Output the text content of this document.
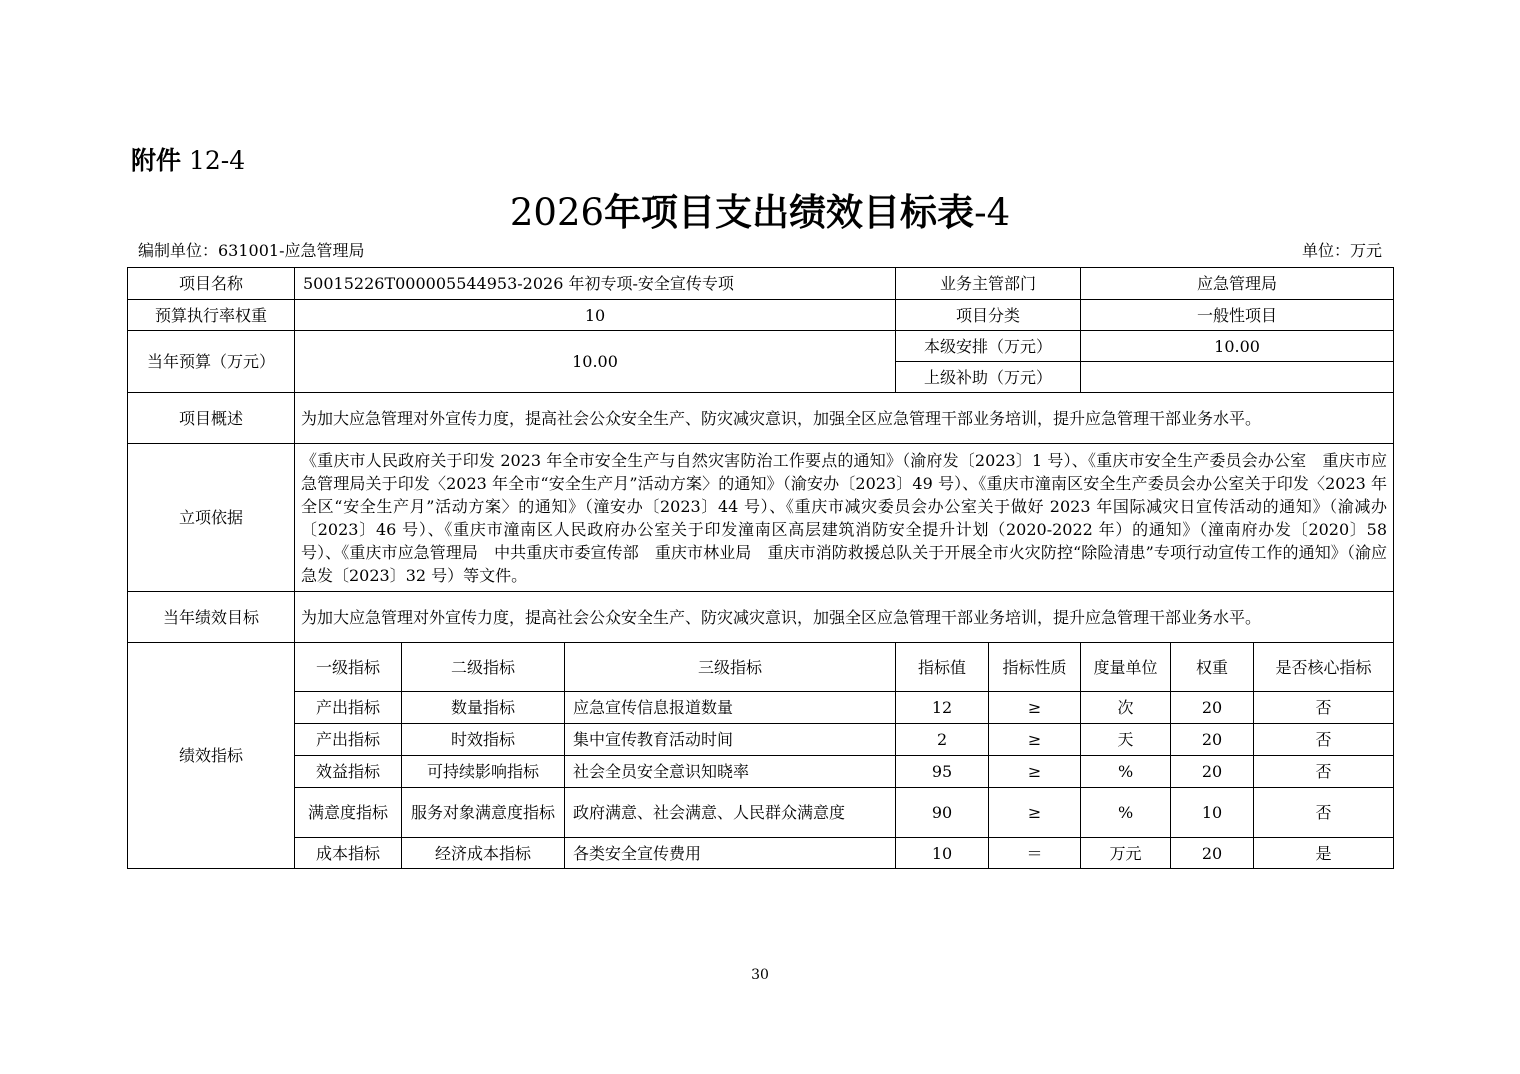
附件 12-4
2026年项目支出绩效目标表-4
编制单位：631001-应急管理局	单位：万元
项目名称	50015226T000005544953-2026 年初专项-安全宣传专项			业务主管部门		应急管理局		
预算执行率权重	10			项目分类		一般性项目		
当年预算（万元）	10.00			本级安排（万元）		10.00		
				上级补助（万元）				
项目概述	为加大应急管理对外宣传力度，提高社会公众安全生产、防灾减灾意识，加强全区应急管理干部业务培训，提升应急管理干部业务水平。							
立项依据	《重庆市人民政府关于印发 2023 年全市安全生产与自然灾害防治工作要点的通知》（渝府发〔2023〕1 号）、《重庆市安全生产委员会办公室　重庆市应急管理局关于印发〈2023 年全市“安全生产月”活动方案〉的通知》（渝安办〔2023〕49 号）、《重庆市潼南区安全生产委员会办公室关于印发〈2023 年全区“安全生产月”活动方案〉的通知》（潼安办〔2023〕44 号）、《重庆市减灾委员会办公室关于做好 2023 年国际减灾日宣传活动的通知》（渝减办〔2023〕46 号）、《重庆市潼南区人民政府办公室关于印发潼南区高层建筑消防安全提升计划（2020-2022 年）的通知》（潼南府办发〔2020〕58 号）、《重庆市应急管理局　中共重庆市委宣传部　重庆市林业局　重庆市消防救援总队关于开展全市火灾防控“除险清患”专项行动宣传工作的通知》（渝应急发〔2023〕32 号）等文件。							
当年绩效目标	为加大应急管理对外宣传力度，提高社会公众安全生产、防灾减灾意识，加强全区应急管理干部业务培训，提升应急管理干部业务水平。							
绩效指标	一级指标	二级指标	三级指标	指标值	指标性质	度量单位	权重	是否核心指标
	产出指标	数量指标	应急宣传信息报道数量	12	≥	次	20	否
	产出指标	时效指标	集中宣传教育活动时间	2	≥	天	20	否
	效益指标	可持续影响指标	社会全员安全意识知晓率	95	≥	%	20	否
	满意度指标	服务对象满意度指标	政府满意、社会满意、人民群众满意度	90	≥	%	10	否
	成本指标	经济成本指标	各类安全宣传费用	10	＝	万元	20	是
30
